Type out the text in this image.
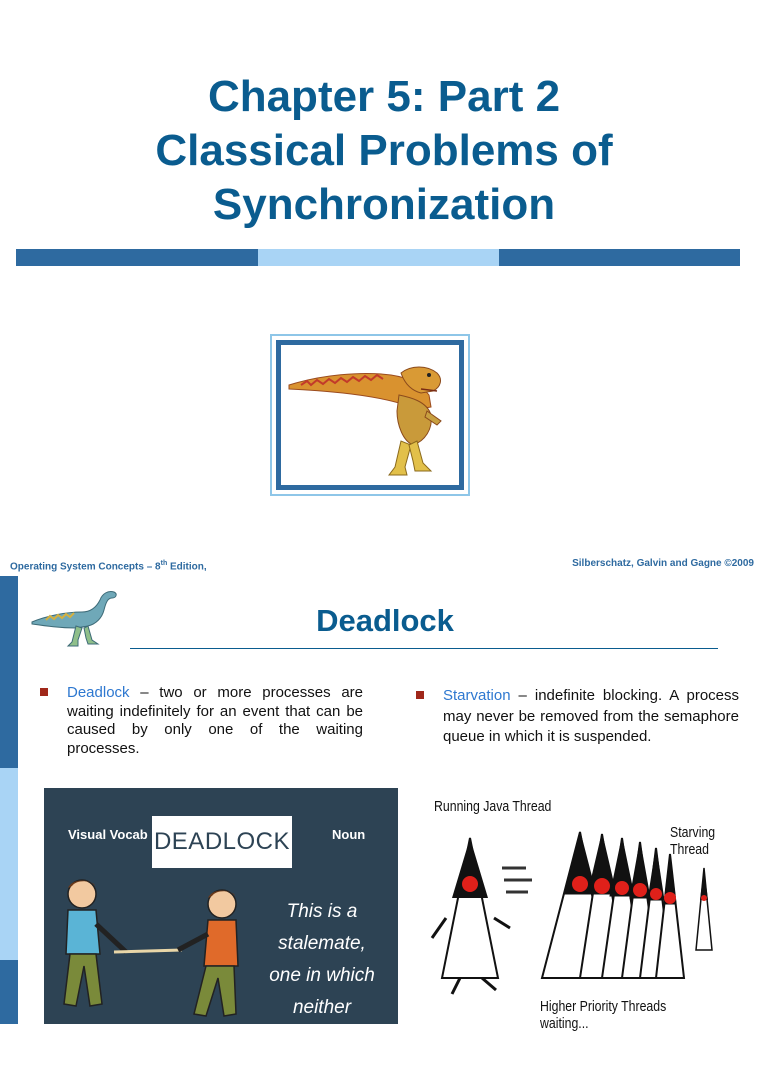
Chapter 5: Part 2
Classical Problems of
Synchronization
Operating System Concepts – 8th Edition,	Silberschatz, Galvin and Gagne ©2009
Deadlock
Deadlock – two or more processes are waiting indefinitely for an event that can be caused by only one of the waiting processes.
Starvation – indefinite blocking. A process may never be removed from the semaphore queue in which it is suspended.
Visual Vocab DEADLOCK	Noun
This is a stalemate,
one in which neither
side is willing to
give up
Running Java Thread
Starving Thread
Higher Priority Threads waiting...
